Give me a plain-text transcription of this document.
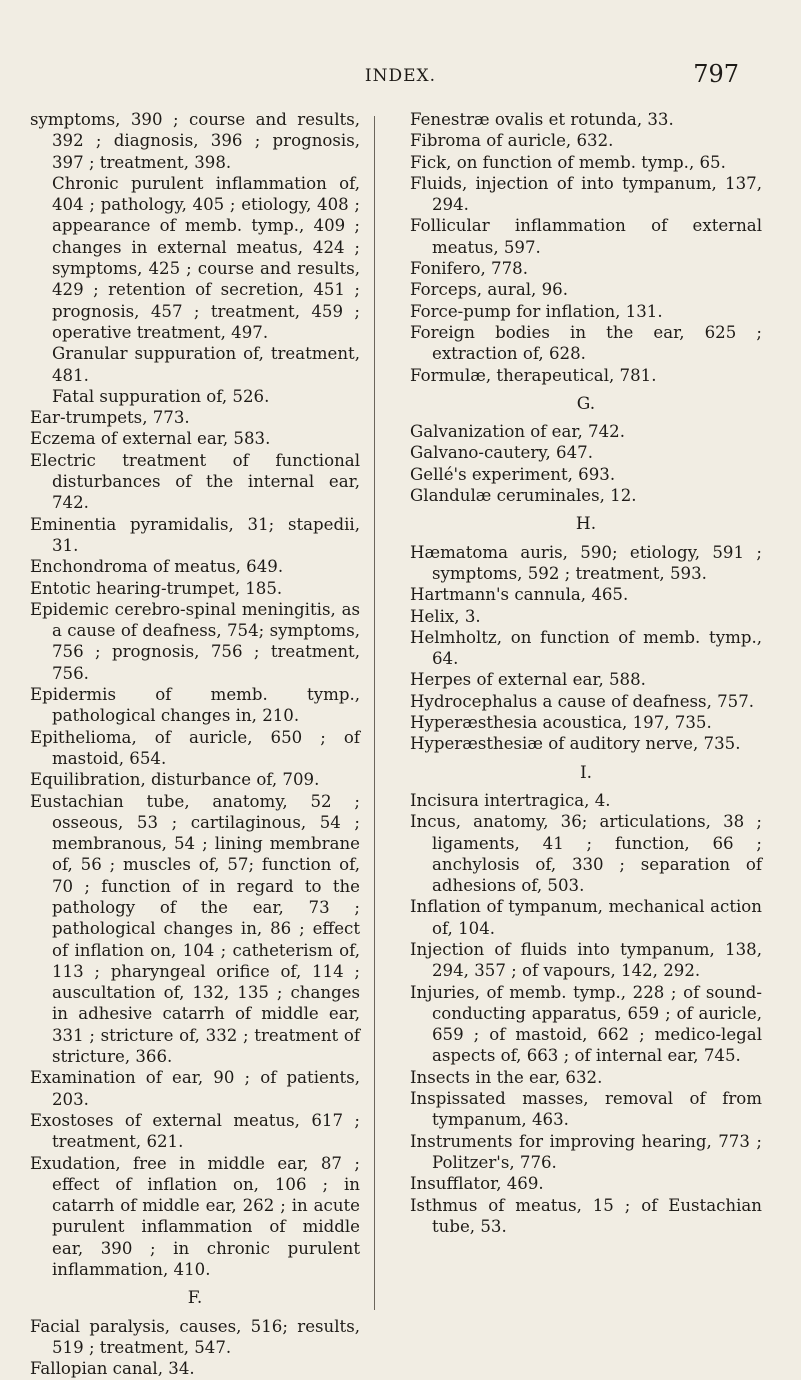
INDEX.	797
symptoms, 390 ; course and results, 392 ; diagnosis, 396 ; prognosis, 397 ; treatment, 398.
Chronic purulent inflammation of, 404 ; pathology, 405 ; etiology, 408 ; appearance of memb. tymp., 409 ; changes in external meatus, 424 ; symptoms, 425 ; course and results, 429 ; retention of secretion, 451 ; prognosis, 457 ; treatment, 459 ; operative treatment, 497.
Granular suppuration of, treatment, 481.
Fatal suppuration of, 526.
Ear-trumpets, 773.
Eczema of external ear, 583.
Electric treatment of functional disturbances of the internal ear, 742.
Eminentia pyramidalis, 31; stapedii, 31.
Enchondroma of meatus, 649.
Entotic hearing-trumpet, 185.
Epidemic cerebro-spinal meningitis, as a cause of deafness, 754; symptoms, 756 ; prognosis, 756 ; treatment, 756.
Epidermis of memb. tymp., pathological changes in, 210.
Epithelioma, of auricle, 650 ; of mastoid, 654.
Equilibration, disturbance of, 709.
Eustachian tube, anatomy, 52 ; osseous, 53 ; cartilaginous, 54 ; membranous, 54 ; lining membrane of, 56 ; muscles of, 57; function of, 70 ; function of in regard to the pathology of the ear, 73 ; pathological changes in, 86 ; effect of inflation on, 104 ; catheterism of, 113 ; pharyngeal orifice of, 114 ; auscultation of, 132, 135 ; changes in adhesive catarrh of middle ear, 331 ; stricture of, 332 ; treatment of stricture, 366.
Examination of ear, 90 ; of patients, 203.
Exostoses of external meatus, 617 ; treatment, 621.
Exudation, free in middle ear, 87 ; effect of inflation on, 106 ; in catarrh of middle ear, 262 ; in acute purulent inflammation of middle ear, 390 ; in chronic purulent inflammation, 410.
F.
Facial paralysis, causes, 516; results, 519 ; treatment, 547.
Fallopian canal, 34.
Fenestræ ovalis et rotunda, 33.
Fibroma of auricle, 632.
Fick, on function of memb. tymp., 65.
Fluids, injection of into tympanum, 137, 294.
Follicular inflammation of external meatus, 597.
Fonifero, 778.
Forceps, aural, 96.
Force-pump for inflation, 131.
Foreign bodies in the ear, 625 ; extraction of, 628.
Formulæ, therapeutical, 781.
G.
Galvanization of ear, 742.
Galvano-cautery, 647.
Gellé's experiment, 693.
Glandulæ ceruminales, 12.
H.
Hæmatoma auris, 590; etiology, 591 ; symptoms, 592 ; treatment, 593.
Hartmann's cannula, 465.
Helix, 3.
Helmholtz, on function of memb. tymp., 64.
Herpes of external ear, 588.
Hydrocephalus a cause of deafness, 757.
Hyperæsthesia acoustica, 197, 735.
Hyperæsthesiæ of auditory nerve, 735.
I.
Incisura intertragica, 4.
Incus, anatomy, 36; articulations, 38 ; ligaments, 41 ; function, 66 ; anchylosis of, 330 ; separation of adhesions of, 503.
Inflation of tympanum, mechanical action of, 104.
Injection of fluids into tympanum, 138, 294, 357 ; of vapours, 142, 292.
Injuries, of memb. tymp., 228 ; of sound-conducting apparatus, 659 ; of auricle, 659 ; of mastoid, 662 ; medico-legal aspects of, 663 ; of internal ear, 745.
Insects in the ear, 632.
Inspissated masses, removal of from tympanum, 463.
Instruments for improving hearing, 773 ; Politzer's, 776.
Insufflator, 469.
Isthmus of meatus, 15 ; of Eustachian tube, 53.
